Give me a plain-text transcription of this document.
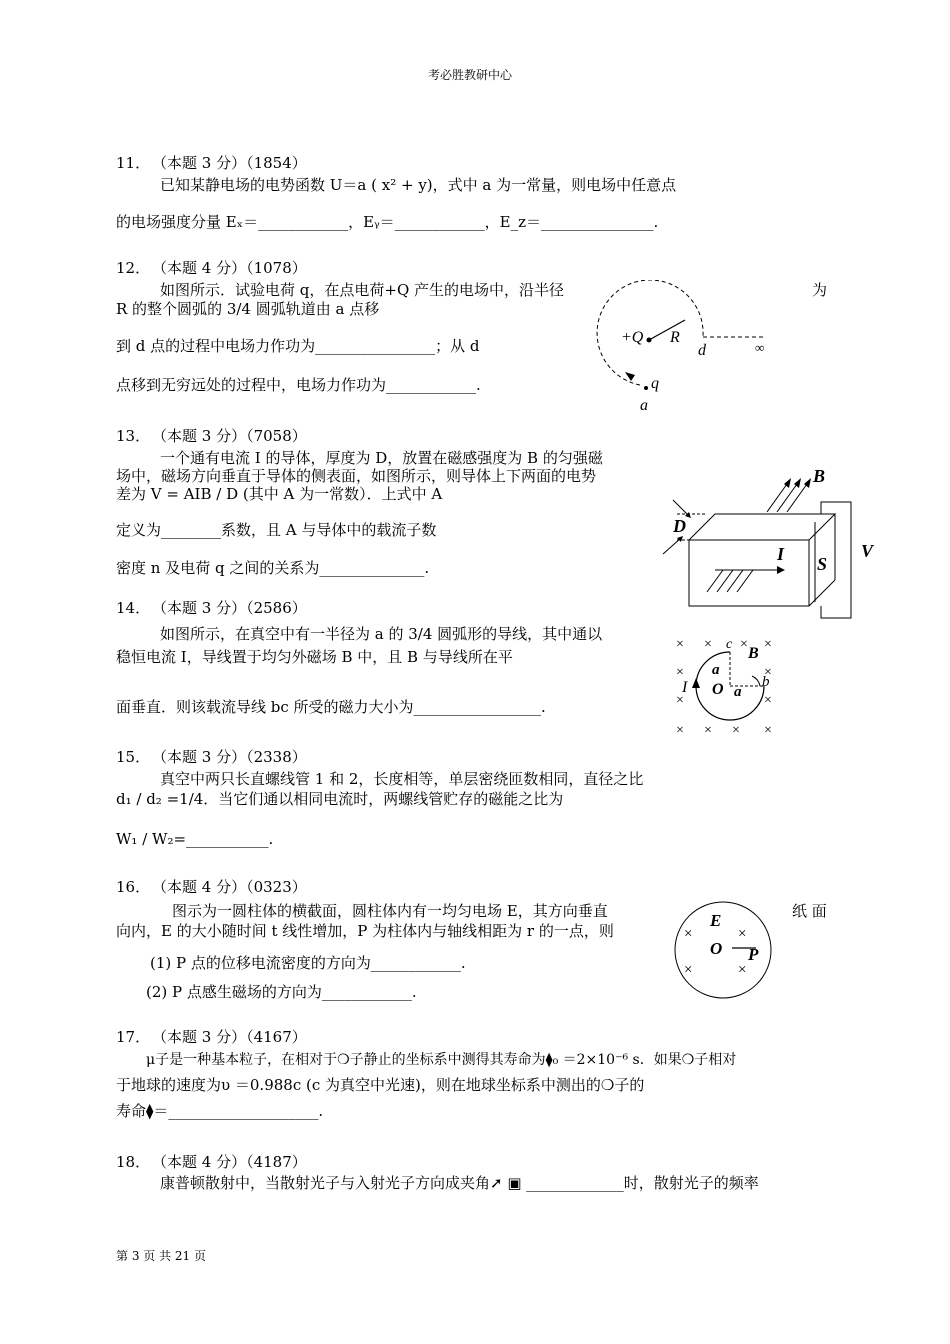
考必胜教研中心
11． （本题 3 分）（1854）
已知某静电场的电势函数 U＝a ( x² + y)，式中 a 为一常量，则电场中任意点
的电场强度分量 Eₓ＝____________，Eᵧ＝____________，E_z＝_______________.
12． （本题 4 分）（1078）
如图所示．试验电荷 q，在点电荷+Q 产生的电场中，沿半径	为
R 的整个圆弧的 3/4 圆弧轨道由 a 点移
到 d 点的过程中电场力作功为________________；从 d
点移到无穷远处的过程中，电场力作功为____________.
+Q R
d	∞
q
a
13． （本题 3 分）（7058）
一个通有电流 I 的导体，厚度为 D，放置在磁感强度为 B 的匀强磁
场中，磁场方向垂直于导体的侧表面，如图所示，则导体上下两面的电势
差为 V = AIB / D (其中 A 为一常数）．上式中 A
定义为________系数，且 A 与导体中的载流子数
密度 n 及电荷 q 之间的关系为______________.
B
D
I S
V
14． （本题 3 分）（2586）
如图所示，在真空中有一半径为 a 的 3/4 圆弧形的导线，其中通以
稳恒电流 I，导线置于均匀外磁场 B 中，且 B 与导线所在平
面垂直．则该载流导线 bc 所受的磁力大小为_________________.
× × × ×
×	×
×	×
× × × ×
c
B
a
O a
b
I
15． （本题 3 分）（2338）
真空中两只长直螺线管 1 和 2，长度相等，单层密绕匝数相同，直径之比
d₁ / d₂ =1/4．当它们通以相同电流时，两螺线管贮存的磁能之比为
W₁ / W₂=___________.
16． （本题 4 分）（0323）
图示为一圆柱体的横截面，圆柱体内有一均匀电场 E，其方向垂直	纸 面
向内，E 的大小随时间 t 线性增加，P 为柱体内与轴线相距为 r 的一点，则
(1) P 点的位移电流密度的方向为____________.
(2) P 点感生磁场的方向为____________.
×	×
×	×
E
O P
17． （本题 3 分）（4167）
μ子是一种基本粒子，在相对于❍子静止的坐标系中测得其寿命为⧫₀ ＝2×10⁻⁶ s．如果❍子相对
于地球的速度为υ ＝0.988c (c 为真空中光速)，则在地球坐标系中测出的❍子的
寿命⧫＝____________________.
18． （本题 4 分）（4187）
康普顿散射中，当散射光子与入射光子方向成夹角➚ ▣ _____________时，散射光子的频率
第 3 页 共 21 页
